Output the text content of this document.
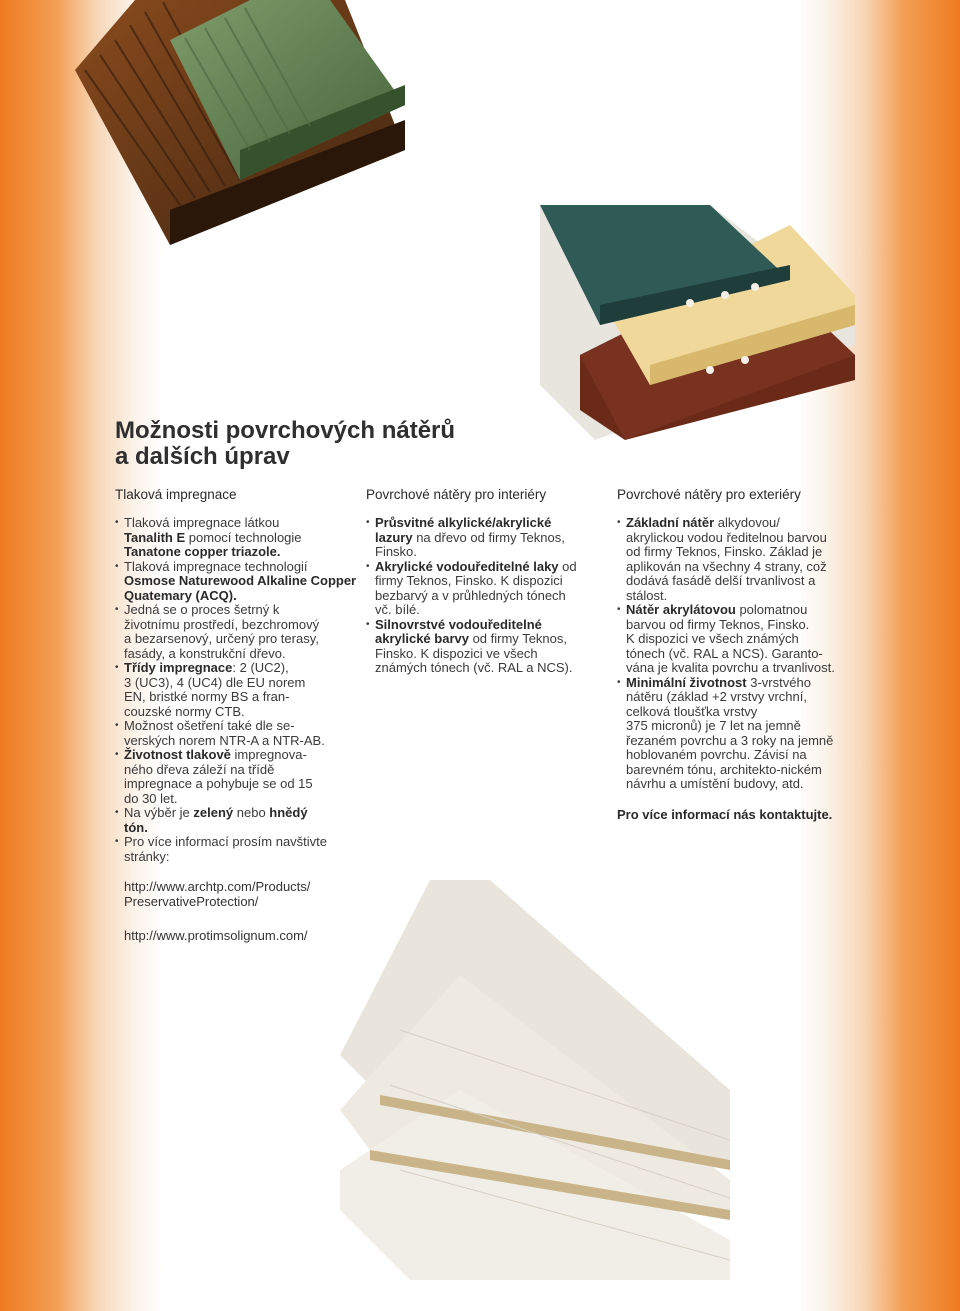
Možnosti povrchových nátěrů
a dalších úprav
Tlaková impregnace	Povrchové nátěry pro interiéry	Povrchové nátěry pro exteriéry
• Tlaková impregnace látkou
Tanalith E pomocí technologie
Tanatone copper triazole.
• Tlaková impregnace technologií
Osmose Naturewood Alkaline Copper Quatemary (ACQ).
• Jedná se o proces šetrný k
životnímu prostředí, bezchromový
a bezarsenový, určený pro terasy,
fasády, a konstrukční dřevo.
• Třídy impregnace: 2 (UC2),
3 (UC3), 4 (UC4) dle EU norem
EN, bristké normy BS a fran-
couzské normy CTB.
• Možnost ošetření také dle se-
verských norem NTR-A a NTR-AB.
• Životnost tlakově impregnova-
ného dřeva záleží na třídě
impregnace a pohybuje se od 15
do 30 let.
• Na výběr je zelený nebo hnědý
tón.
• Pro více informací prosím navštivte
stránky:
http://www.archtp.com/Products/
PreservativeProtection/
http://www.protimsolignum.com/
• Průsvitné alkylické/akrylické
lazury na dřevo od firmy Teknos,
Finsko.
• Akrylické vodouředitelné laky od
firmy Teknos, Finsko. K dispozici
bezbarvý a v průhledných tónech
vč. bílé.
• Silnovrstvé vodouředitelné
akrylické barvy od firmy Teknos,
Finsko. K dispozici ve všech
známých tónech (vč. RAL a NCS).
• Základní nátěr alkydovou/
akrylickou vodou ředitelnou barvou
od firmy Teknos, Finsko. Základ je
aplikován na všechny 4 strany, což
dodává fasádě delší trvanlivost a
stálost.
• Nátěr akrylátovou polomatnou
barvou od firmy Teknos, Finsko.
K dispozici ve všech známých
tónech (vč. RAL a NCS). Garanto-
vána je kvalita povrchu a trvanlivost.
• Minimální životnost 3-vrstvého
nátěru (základ +2 vrstvy vrchní,
celková tloušťka vrstvy
375 micronů) je 7 let na jemně
řezaném povrchu a 3 roky na jemně
hoblovaném povrchu. Závisí na
barevném tónu, architekto-nickém
návrhu a umístění budovy, atd.
Pro více informací nás kontaktujte.
